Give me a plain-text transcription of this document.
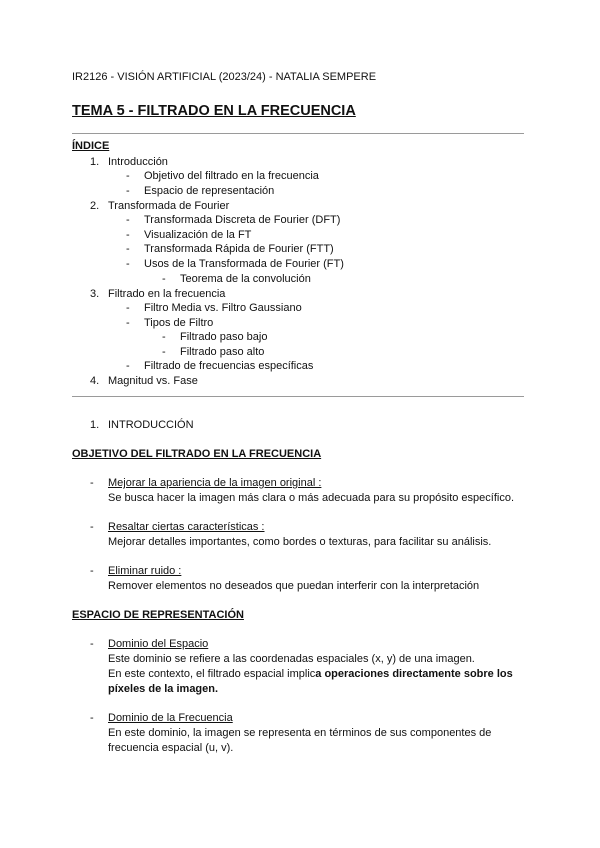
IR2126 - VISIÓN ARTIFICIAL (2023/24) - NATALIA SEMPERE
TEMA 5 - FILTRADO EN LA FRECUENCIA
ÍNDICE
1. Introducción
- Objetivo del filtrado en la frecuencia
- Espacio de representación
2. Transformada de Fourier
- Transformada Discreta de Fourier (DFT)
- Visualización de la FT
- Transformada Rápida de Fourier (FTT)
- Usos de la Transformada de Fourier (FT)
- Teorema de la convolución
3. Filtrado en la frecuencia
- Filtro Media vs. Filtro Gaussiano
- Tipos de Filtro
- Filtrado paso bajo
- Filtrado paso alto
- Filtrado de frecuencias específicas
4. Magnitud vs. Fase
1. INTRODUCCIÓN
OBJETIVO DEL FILTRADO EN LA FRECUENCIA
- Mejorar la apariencia de la imagen original :
Se busca hacer la imagen más clara o más adecuada para su propósito específico.
- Resaltar ciertas características :
Mejorar detalles importantes, como bordes o texturas, para facilitar su análisis.
- Eliminar ruido :
Remover elementos no deseados que puedan interferir con la interpretación
ESPACIO DE REPRESENTACIÓN
- Dominio del Espacio
Este dominio se refiere a las coordenadas espaciales (x, y) de una imagen.
En este contexto, el filtrado espacial implica operaciones directamente sobre los
píxeles de la imagen.
- Dominio de la Frecuencia
En este dominio, la imagen se representa en términos de sus componentes de
frecuencia espacial (u, v).
